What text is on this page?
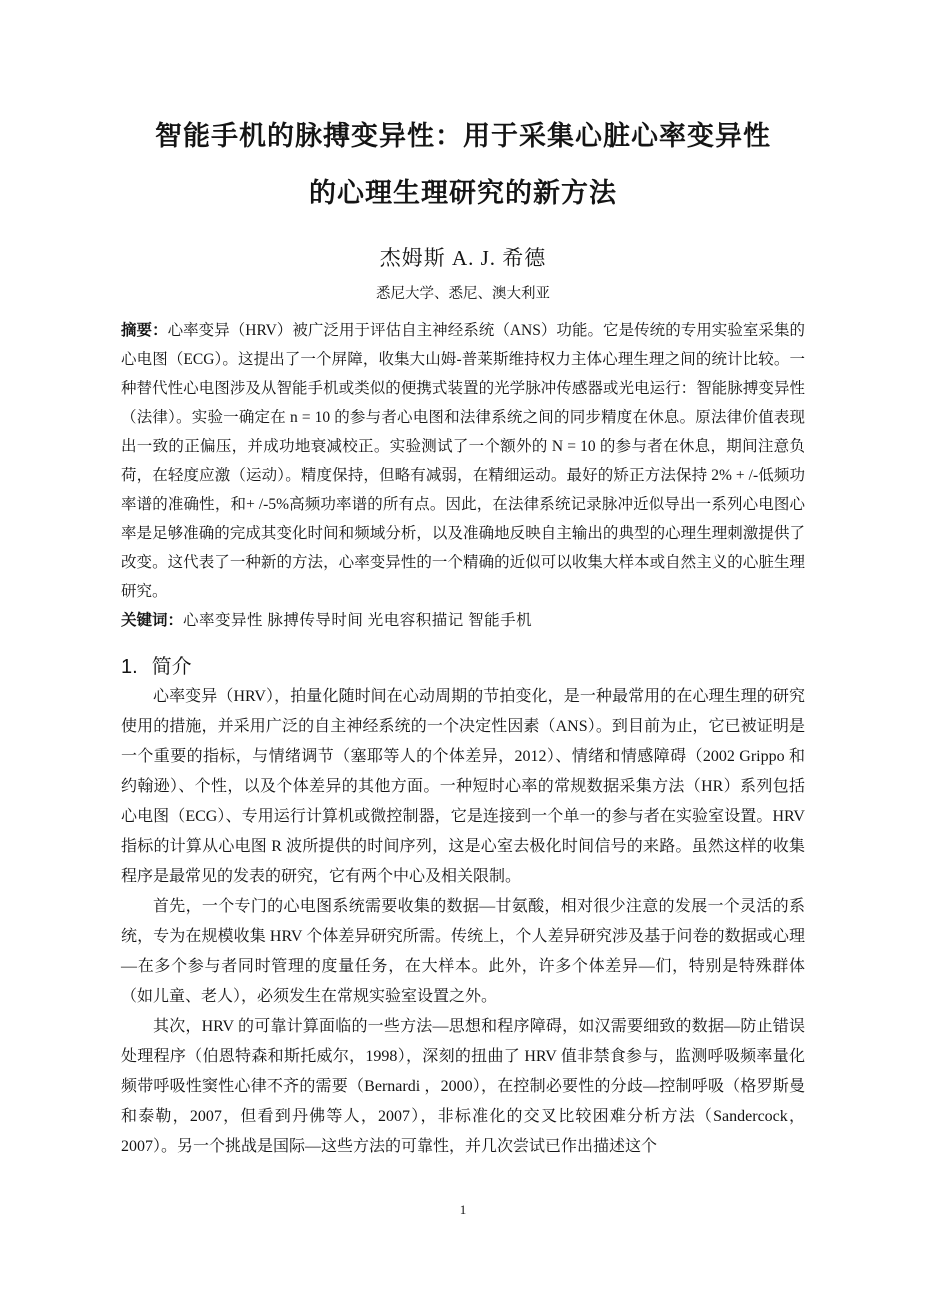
智能手机的脉搏变异性：用于采集心脏心率变异性
的心理生理研究的新方法
杰姆斯 A. J. 希德
悉尼大学、悉尼、澳大利亚

摘要：心率变异（HRV）被广泛用于评估自主神经系统（ANS）功能。它是传统的专用实验室采集的心电图（ECG）。这提出了一个屏障，收集大山姆-普莱斯维持权力主体心理生理之间的统计比较。一种替代性心电图涉及从智能手机或类似的便携式装置的光学脉冲传感器或光电运行：智能脉搏变异性（法律）。实验一确定在 n = 10 的参与者心电图和法律系统之间的同步精度在休息。原法律价值表现出一致的正偏压，并成功地衰减校正。实验测试了一个额外的 N = 10 的参与者在休息，期间注意负荷，在轻度应激（运动）。精度保持，但略有减弱，在精细运动。最好的矫正方法保持 2% + /-低频功率谱的准确性，和+ /-5%高频功率谱的所有点。因此，在法律系统记录脉冲近似导出一系列心电图心率是足够准确的完成其变化时间和频域分析，以及准确地反映自主输出的典型的心理生理刺激提供了改变。这代表了一种新的方法，心率变异性的一个精确的近似可以收集大样本或自然主义的心脏生理研究。

关键词：心率变异性 脉搏传导时间 光电容积描记 智能手机

1. 简介

心率变异（HRV），拍量化随时间在心动周期的节拍变化，是一种最常用的在心理生理的研究使用的措施，并采用广泛的自主神经系统的一个决定性因素（ANS）。到目前为止，它已被证明是一个重要的指标，与情绪调节（塞耶等人的个体差异，2012）、情绪和情感障碍（2002 Grippo 和约翰逊）、个性，以及个体差异的其他方面。一种短时心率的常规数据采集方法（HR）系列包括心电图（ECG）、专用运行计算机或微控制器，它是连接到一个单一的参与者在实验室设置。HRV 指标的计算从心电图 R 波所提供的时间序列，这是心室去极化时间信号的来路。虽然这样的收集程序是最常见的发表的研究，它有两个中心及相关限制。

首先，一个专门的心电图系统需要收集的数据—甘氨酸，相对很少注意的发展一个灵活的系统，专为在规模收集 HRV 个体差异研究所需。传统上，个人差异研究涉及基于问卷的数据或心理—在多个参与者同时管理的度量任务，在大样本。此外，许多个体差异—们，特别是特殊群体（如儿童、老人），必须发生在常规实验室设置之外。

其次，HRV 的可靠计算面临的一些方法—思想和程序障碍，如汉需要细致的数据—防止错误处理程序（伯恩特森和斯托威尔，1998），深刻的扭曲了 HRV 值非禁食参与，监测呼吸频率量化频带呼吸性窦性心律不齐的需要（Bernardi ，2000），在控制必要性的分歧—控制呼吸（格罗斯曼和泰勒，2007，但看到丹佛等人，2007），非标准化的交叉比较困难分析方法（Sandercock，2007）。另一个挑战是国际—这些方法的可靠性，并几次尝试已作出描述这个

1
